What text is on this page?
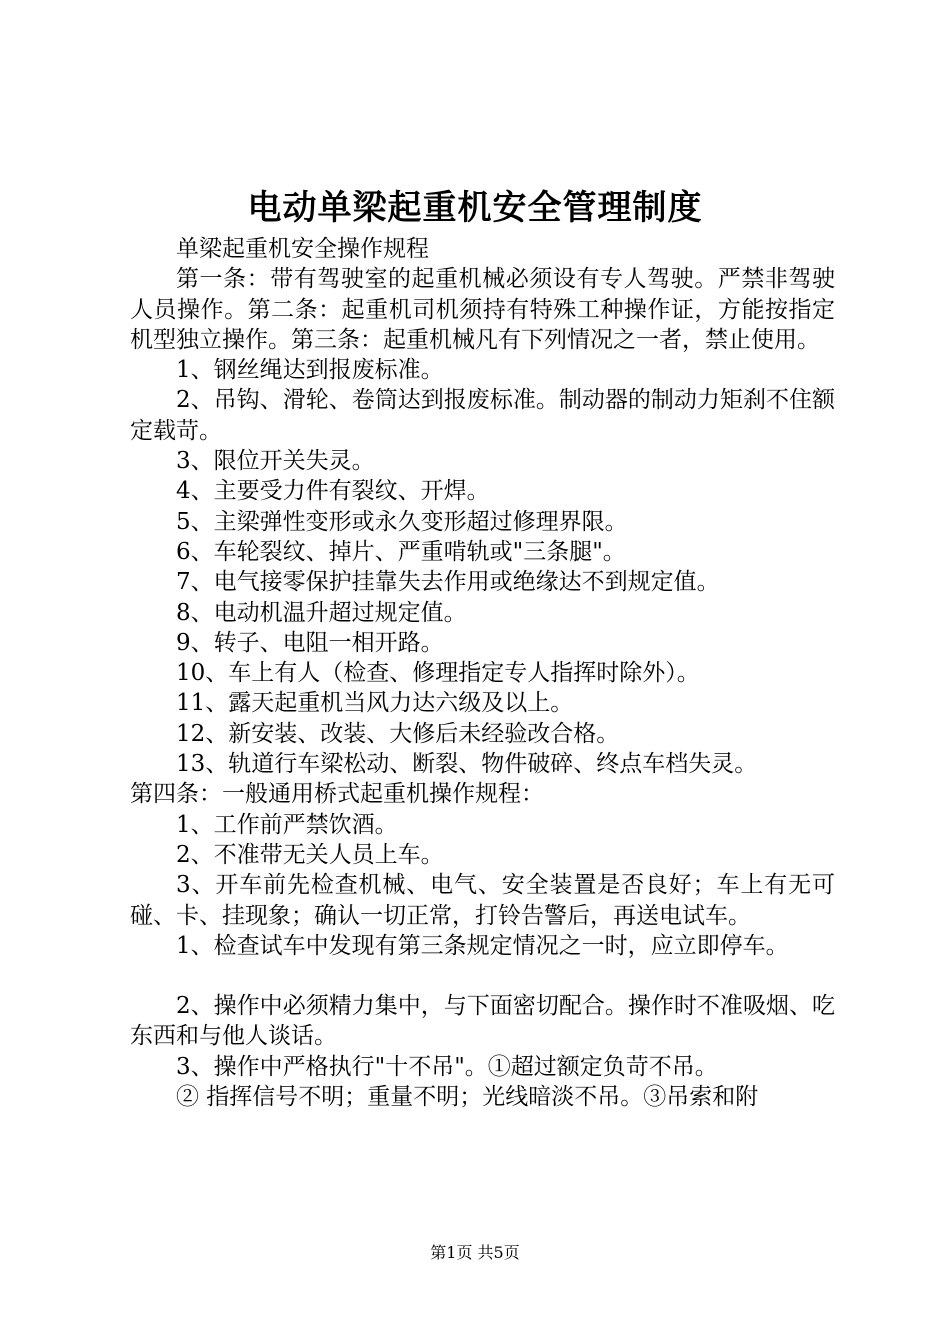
电动单梁起重机安全管理制度

单梁起重机安全操作规程

第一条：带有驾驶室的起重机械必须设有专人驾驶。严禁非驾驶人员操作。第二条：起重机司机须持有特殊工种操作证，方能按指定机型独立操作。第三条：起重机械凡有下列情况之一者，禁止使用。

1、钢丝绳达到报废标准。

2、吊钩、滑轮、卷筒达到报废标准。制动器的制动力矩刹不住额定载苛。

3、限位开关失灵。

4、主要受力件有裂纹、开焊。

5、主梁弹性变形或永久变形超过修理界限。

6、车轮裂纹、掉片、严重啃轨或"三条腿"。

7、电气接零保护挂靠失去作用或绝缘达不到规定值。

8、电动机温升超过规定值。

9、转子、电阻一相开路。

10、车上有人（检查、修理指定专人指挥时除外）。

11、露天起重机当风力达六级及以上。

12、新安装、改装、大修后未经验改合格。

13、轨道行车梁松动、断裂、物件破碎、终点车档失灵。

第四条：一般通用桥式起重机操作规程：

1、工作前严禁饮酒。

2、不准带无关人员上车。

3、开车前先检查机械、电气、安全装置是否良好；车上有无可碰、卡、挂现象；确认一切正常，打铃告警后，再送电试车。

1、检查试车中发现有第三条规定情况之一时，应立即停车。

2、操作中必须精力集中，与下面密切配合。操作时不准吸烟、吃东西和与他人谈话。

3、操作中严格执行"十不吊"。①超过额定负苛不吊。

② 指挥信号不明；重量不明；光线暗淡不吊。③吊索和附

第1页 共5页
